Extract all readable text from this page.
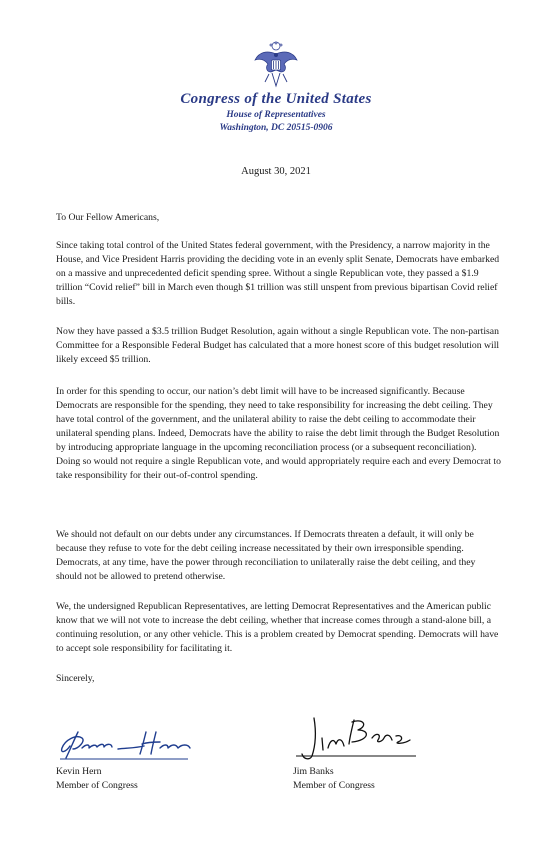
Congress of the United States
House of Representatives
Washington, DC 20515-0906
August 30, 2021

To Our Fellow Americans,

Since taking total control of the United States federal government, with the Presidency, a narrow majority in the House, and Vice President Harris providing the deciding vote in an evenly split Senate, Democrats have embarked on a massive and unprecedented deficit spending spree. Without a single Republican vote, they passed a $1.9 trillion “Covid relief” bill in March even though $1 trillion was still unspent from previous bipartisan Covid relief bills.

Now they have passed a $3.5 trillion Budget Resolution, again without a single Republican vote. The non-partisan Committee for a Responsible Federal Budget has calculated that a more honest score of this budget resolution will likely exceed $5 trillion.

In order for this spending to occur, our nation’s debt limit will have to be increased significantly. Because Democrats are responsible for the spending, they need to take responsibility for increasing the debt ceiling. They have total control of the government, and the unilateral ability to raise the debt ceiling to accommodate their unilateral spending plans. Indeed, Democrats have the ability to raise the debt limit through the Budget Resolution by introducing appropriate language in the upcoming reconciliation process (or a subsequent reconciliation). Doing so would not require a single Republican vote, and would appropriately require each and every Democrat to take responsibility for their out-of-control spending.

We should not default on our debts under any circumstances. If Democrats threaten a default, it will only be because they refuse to vote for the debt ceiling increase necessitated by their own irresponsible spending. Democrats, at any time, have the power through reconciliation to unilaterally raise the debt ceiling, and they should not be allowed to pretend otherwise.

We, the undersigned Republican Representatives, are letting Democrat Representatives and the American public know that we will not vote to increase the debt ceiling, whether that increase comes through a stand-alone bill, a continuing resolution, or any other vehicle. This is a problem created by Democrat spending. Democrats will have to accept sole responsibility for facilitating it.

Sincerely,

Kevin Hern
Member of Congress
Jim Banks
Member of Congress
